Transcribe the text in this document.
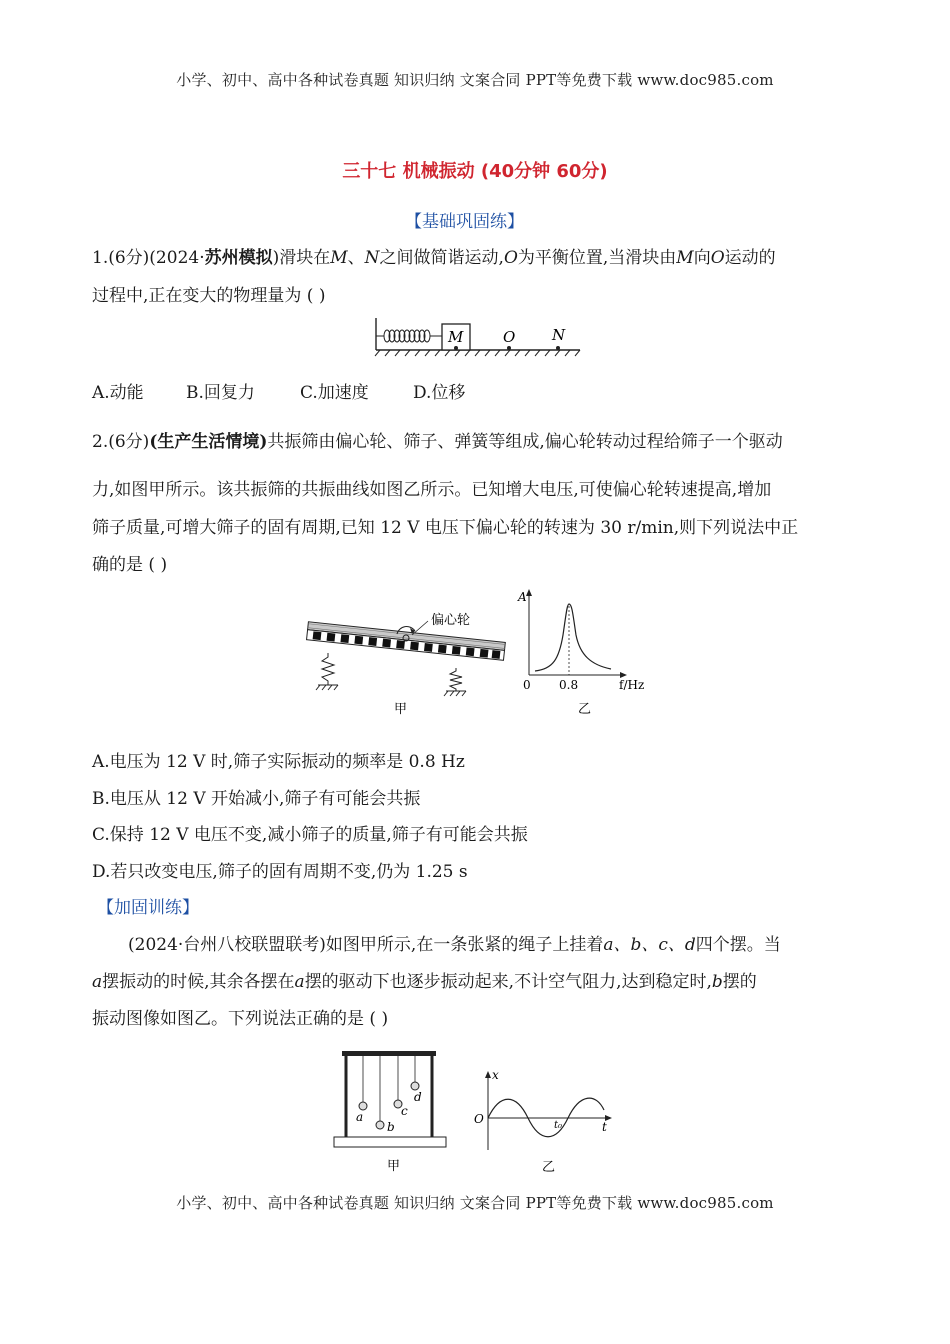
小学、初中、高中各种试卷真题 知识归纳 文案合同 PPT等免费下载 www.doc985.com
三十七 机械振动 (40分钟 60分)
【基础巩固练】
1.(6分)(2024·苏州模拟)滑块在M、N之间做简谐运动,O为平衡位置,当滑块由M向O运动的
过程中,正在变大的物理量为 ( )
M	O N
A.动能 B.回复力	C.加速度	D.位移
2.(6分)(生产生活情境)共振筛由偏心轮、筛子、弹簧等组成,偏心轮转动过程给筛子一个驱动
力,如图甲所示。该共振筛的共振曲线如图乙所示。已知增大电压,可使偏心轮转速提高,增加
筛子质量,可增大筛子的固有周期,已知 12 V 电压下偏心轮的转速为 30 r/min,则下列说法中正
确的是 ( )
偏心轮
甲
A
f/Hz
0 0.8
乙
A.电压为 12 V 时,筛子实际振动的频率是 0.8 Hz
B.电压从 12 V 开始减小,筛子有可能会共振
C.保持 12 V 电压不变,减小筛子的质量,筛子有可能会共振
D.若只改变电压,筛子的固有周期不变,仍为 1.25 s
【加固训练】
(2024·台州八校联盟联考)如图甲所示,在一条张紧的绳子上挂着a、b、c、d四个摆。当
a摆振动的时候,其余各摆在a摆的驱动下也逐步振动起来,不计空气阻力,达到稳定时,b摆的
振动图像如图乙。下列说法正确的是 ( )
a
b
c
d
甲
x
t
O	t₀
乙
小学、初中、高中各种试卷真题 知识归纳 文案合同 PPT等免费下载 www.doc985.com
